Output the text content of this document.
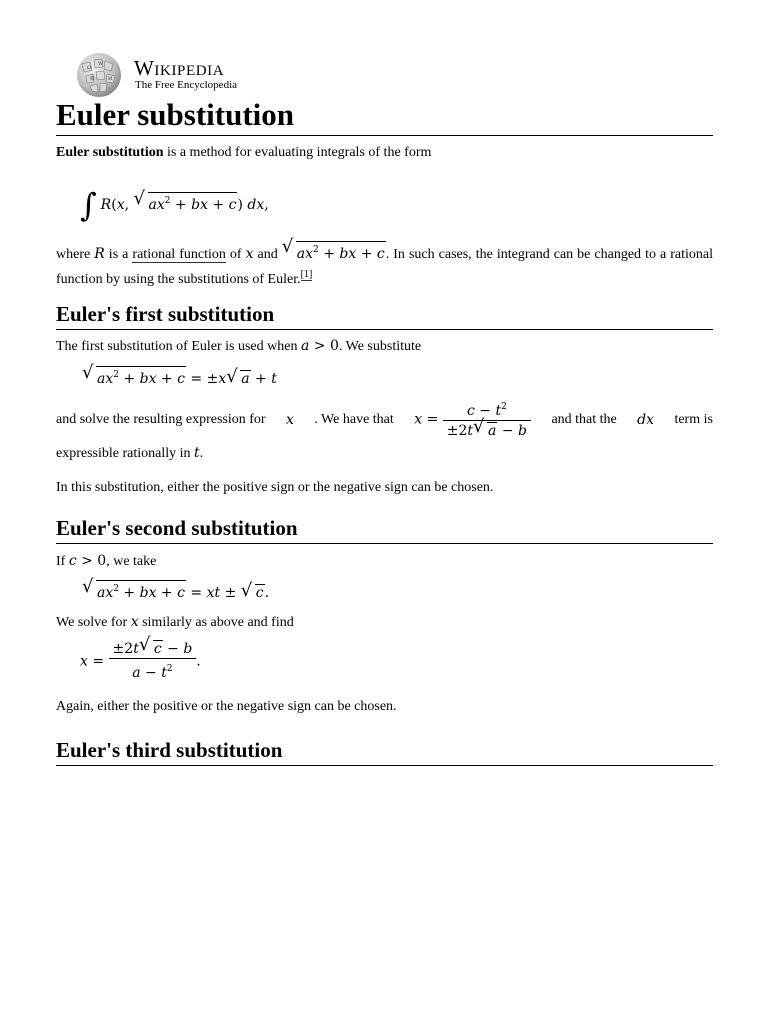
Ω
W
維	И Wikipedia
The Free Encyclopedia
Euler substitution

Euler substitution is a method for evaluating integrals of the form

∫ R(x, √ $ax^2$ + bx + c) dx,

where R is a rational function of x and √ $ax^2$ + bx + c. In such cases, the integrand can be changed to a rational function by using the substitutions of Euler.[1]

Euler's first substitution

The first substitution of Euler is used when a > 0. We substitute

√ $ax^2$ + bx + c = ±x √ a + t
and solve the resulting expression for x . We have that $x = \frac{c - t^2}{\pm 2t √ a - b}$ and that the dx term is

expressible rationally in t.

In this substitution, either the positive sign or the negative sign can be chosen.

Euler's second substitution

If c > 0, we take

√ $ax^2$ + bx + c = xt ± √ c.

We solve for x similarly as above and find

$x = \frac{\pm 2t √ c - b}{a - t^2}$ .

Again, either the positive or the negative sign can be chosen.

Euler's third substitution
